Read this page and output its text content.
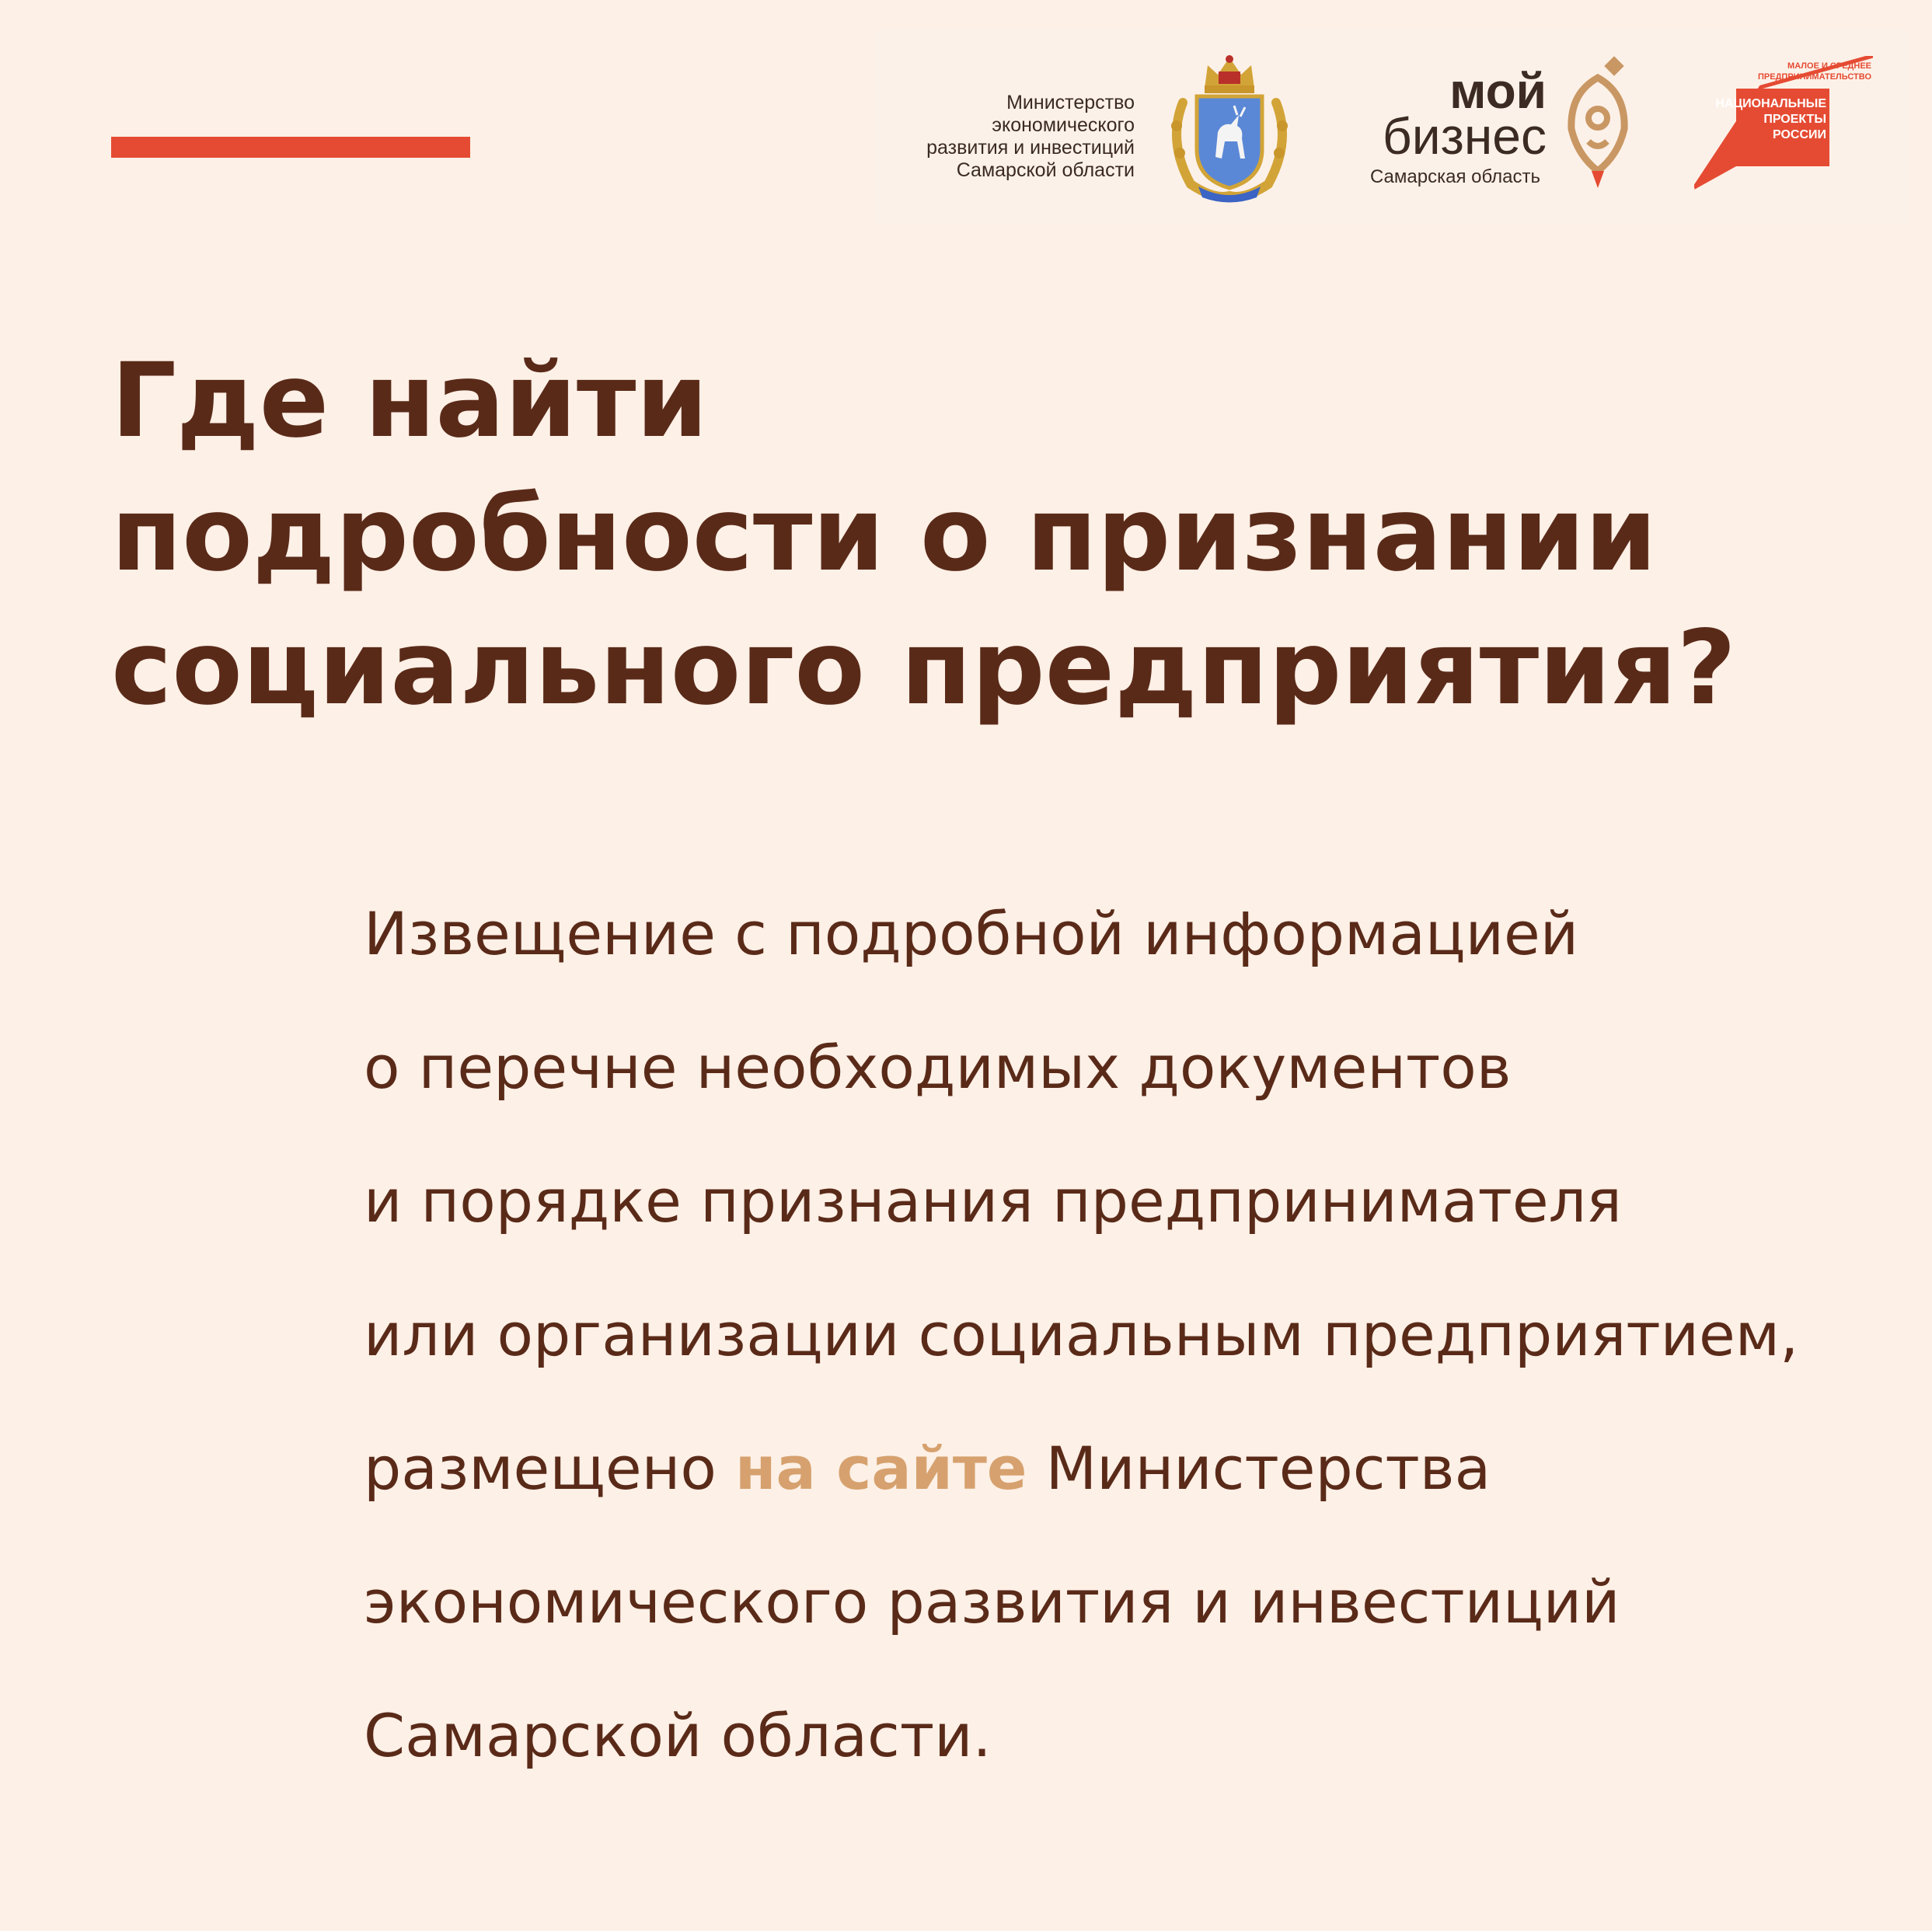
Министерство
экономического
развития и инвестиций
Самарской области
мой
бизнес
Самарская область
МАЛОЕ И СРЕДНЕЕ
ПРЕДПРИНИМАТЕЛЬСТВО
НАЦИОНАЛЬНЫЕ
ПРОЕКТЫ
РОССИИ
Где найти
подробности о признании
социального предприятия?
Извещение с подробной информацией
о перечне необходимых документов
и порядке признания предпринимателя
или организации социальным предприятием,
размещено на сайте Министерства
экономического развития и инвестиций
Самарской области.
